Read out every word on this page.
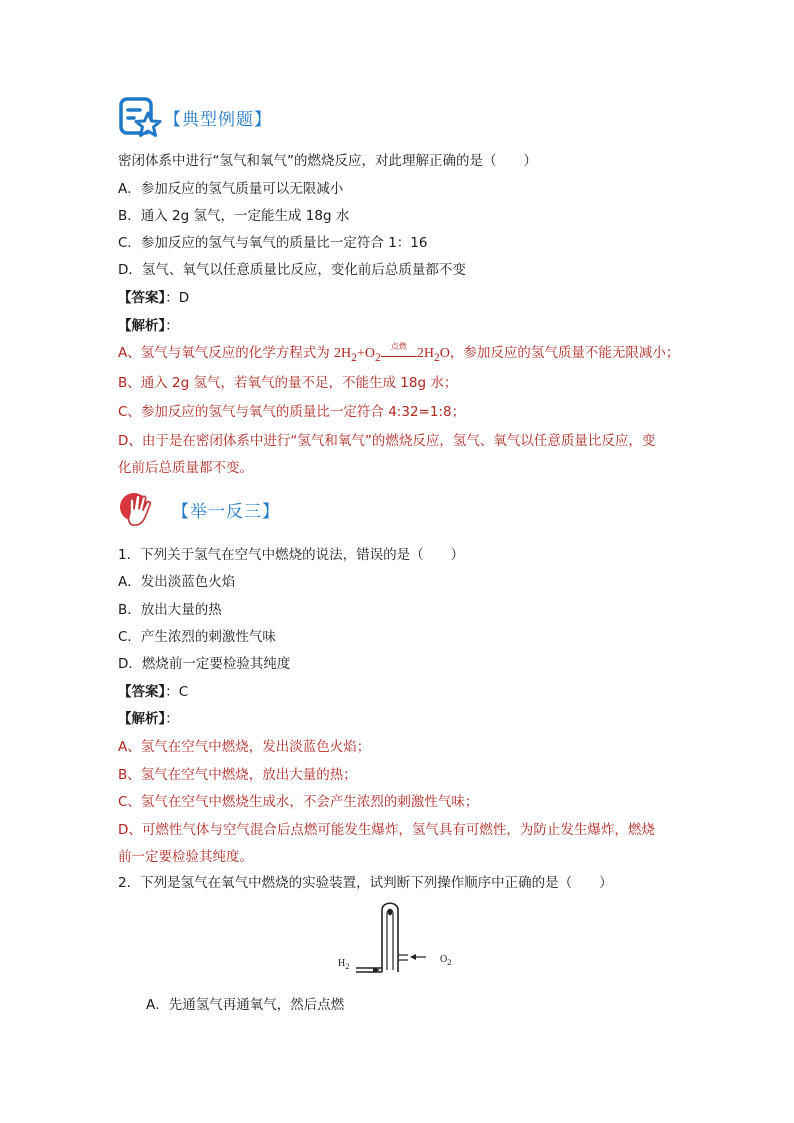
【典型例题】
密闭体系中进行“氢气和氧气”的燃烧反应，对此理解正确的是（　　）
A．参加反应的氢气质量可以无限减小
B．通入 2g 氢气，一定能生成 18g 水
C．参加反应的氢气与氧气的质量比一定符合 1：16
D．氢气、氧气以任意质量比反应，变化前后总质量都不变
【答案】：D
【解析】：
A、氢气与氧气反应的化学方程式为 $2H_2+O_2$
点燃 $2H_2O$，参加反应的氢气质量不能无限减小；
B、通入 2g 氢气，若氧气的量不足，不能生成 18g 水；
C、参加反应的氢气与氧气的质量比一定符合 4:32=1:8；
D、由于是在密闭体系中进行“氢气和氧气”的燃烧反应，氢气、氧气以任意质量比反应，变
化前后总质量都不变。
【举一反三】
1．下列关于氢气在空气中燃烧的说法，错误的是（　　）
A．发出淡蓝色火焰
B．放出大量的热
C．产生浓烈的刺激性气味
D．燃烧前一定要检验其纯度
【答案】：C
【解析】：
A、氢气在空气中燃烧，发出淡蓝色火焰；
B、氢气在空气中燃烧，放出大量的热；
C、氢气在空气中燃烧生成水，不会产生浓烈的刺激性气味；
D、可燃性气体与空气混合后点燃可能发生爆炸，氢气具有可燃性，为防止发生爆炸，燃烧
前一定要检验其纯度。
2．下列是氢气在氧气中燃烧的实验装置，试判断下列操作顺序中正确的是（　　）
$H_2$
$O_2$
A．先通氢气再通氧气，然后点燃
